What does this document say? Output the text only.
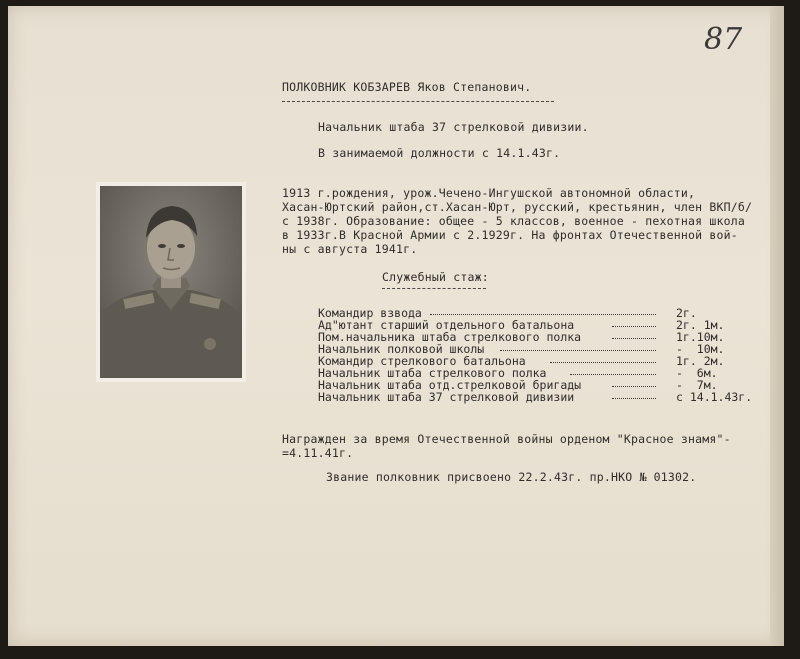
87
ПОЛКОВНИК КОБЗАРЕВ Яков Степанович.
Начальник штаба 37 стрелковой дивизии.
В занимаемой должности с 14.1.43г.
1913 г.рождения, урож.Чечено-Ингушской автономной области,
Хасан-Юртский район,ст.Хасан-Юрт, русский, крестьянин, член ВКП/б/
с 1938г. Образование: общее - 5 классов, военное - пехотная школа
в 1933г.В Красной Армии с 2.1929г. На фронтах Отечественной вой-
ны с августа 1941г.
Служебный стаж:
Командир взвода	2г.
Ад"ютант старший отдельного батальона	2г. 1м.
Пом.начальника штаба стрелкового полка	1г.10м.
Начальник полковой школы	-  10м.
Командир стрелкового батальона	1г. 2м.
Начальник штаба стрелкового полка	-  6м.
Начальник штаба отд.стрелковой бригады	-  7м.
Начальник штаба 37 стрелковой дивизии	с 14.1.43г.
Награжден за время Отечественной войны орденом "Красное знамя"-
=4.11.41г.
Звание полковник присвоено 22.2.43г. пр.НКО № 01302.
